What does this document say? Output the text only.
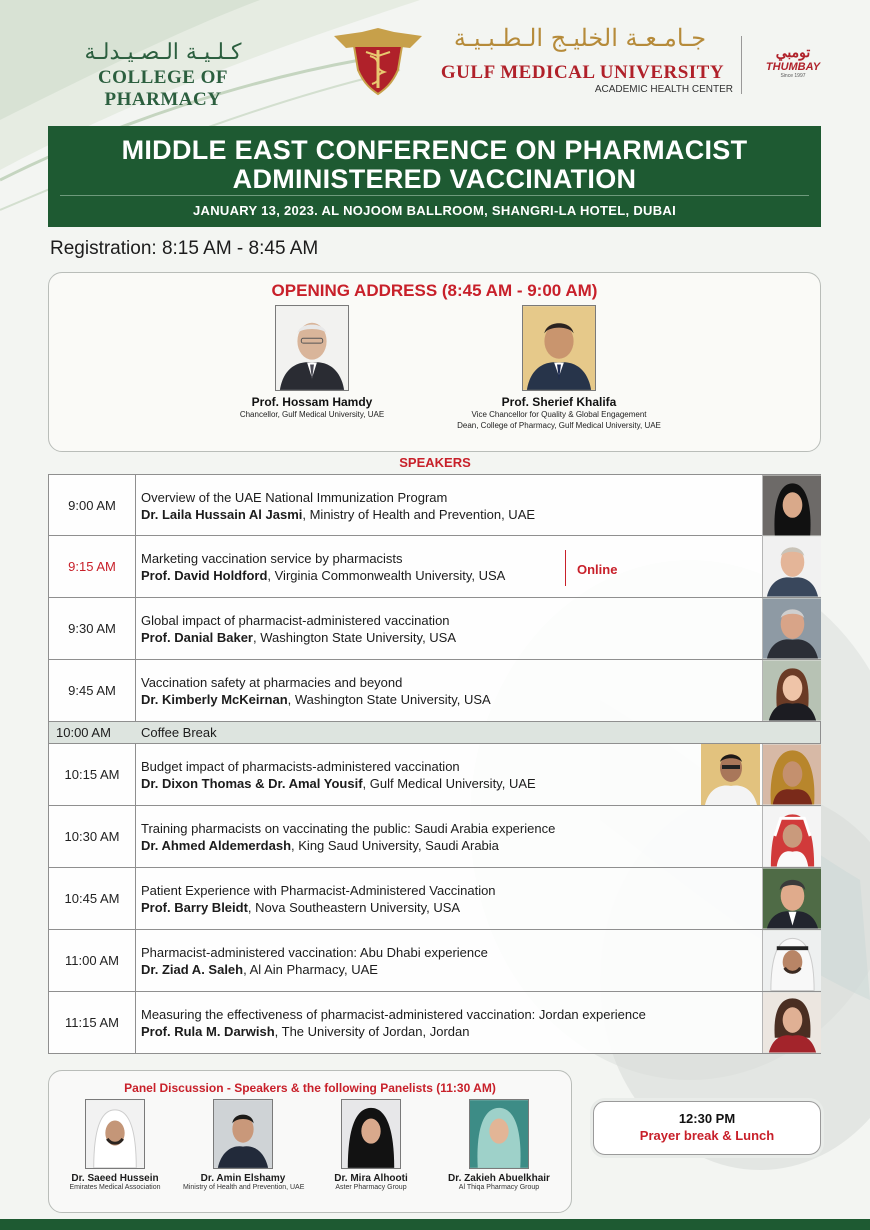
كـلـيـة الـصـيـدلـة
COLLEGE OF PHARMACY
جـامـعـة الخليـج الـطـبـيـة
GULF MEDICAL UNIVERSITY
ACADEMIC HEALTH CENTER
تومبي
THUMBAY
Since 1997
MIDDLE EAST CONFERENCE ON PHARMACIST
ADMINISTERED VACCINATION
JANUARY 13, 2023. AL NOJOOM BALLROOM, SHANGRI-LA HOTEL, DUBAI
Registration: 8:15 AM - 8:45 AM
OPENING ADDRESS (8:45 AM - 9:00 AM)
Prof. Hossam Hamdy
Chancellor, Gulf Medical University, UAE
Prof. Sherief Khalifa
Vice Chancellor for Quality & Global Engagement
Dean, College of Pharmacy, Gulf Medical University, UAE
SPEAKERS
9:00 AM	Overview of the UAE National Immunization Program
Dr. Laila Hussain Al Jasmi, Ministry of Health and Prevention, UAE
9:15 AM
Marketing vaccination service by pharmacists
Prof. David Holdford, Virginia Commonwealth University, USA	Online
9:30 AM
Global impact of pharmacist-administered vaccination
Prof. Danial Baker, Washington State University, USA
9:45 AM
Vaccination safety at pharmacies and beyond
Dr. Kimberly McKeirnan, Washington State University, USA
10:00 AM Coffee Break
10:15 AM
Budget impact of pharmacists-administered vaccination
Dr. Dixon Thomas & Dr. Amal Yousif, Gulf Medical University, UAE
10:30 AM
Training pharmacists on vaccinating the public: Saudi Arabia experience
Dr. Ahmed Aldemerdash, King Saud University, Saudi Arabia
10:45 AM
Patient Experience with Pharmacist-Administered Vaccination
Prof. Barry Bleidt, Nova Southeastern University, USA
11:00 AM
Pharmacist-administered vaccination: Abu Dhabi experience
Dr. Ziad A. Saleh, Al Ain Pharmacy, UAE
11:15 AM
Measuring the effectiveness of pharmacist-administered vaccination: Jordan experience
Prof. Rula M. Darwish, The University of Jordan, Jordan
Panel Discussion - Speakers & the following Panelists (11:30 AM)
Dr. Saeed Hussein
Emirates Medical Association
Dr. Amin Elshamy
Ministry of Health and Prevention, UAE
Dr. Mira Alhooti
Aster Pharmacy Group
Dr. Zakieh Abuelkhair
Al Thiqa Pharmacy Group
12:30 PM
Prayer break & Lunch
